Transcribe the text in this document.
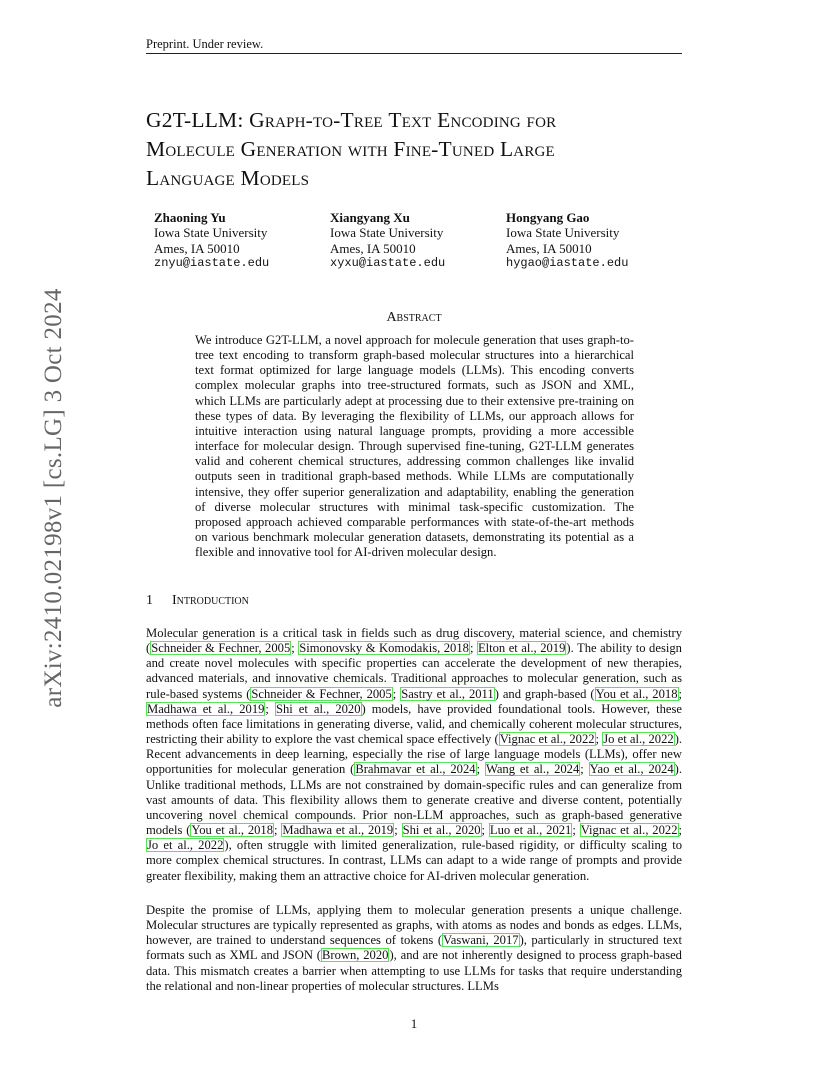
Preprint. Under review.
arXiv:2410.02198v1 [cs.LG] 3 Oct 2024
G2T-LLM: Graph-to-Tree Text Encoding for
Molecule Generation with Fine-Tuned Large
Language Models
Zhaoning Yu
Iowa State University
Ames, IA 50010
znyu@iastate.edu
Xiangyang Xu
Iowa State University
Ames, IA 50010
xyxu@iastate.edu
Hongyang Gao
Iowa State University
Ames, IA 50010
hygao@iastate.edu
Abstract
We introduce G2T-LLM, a novel approach for molecule generation that uses graph-to-tree text encoding to transform graph-based molecular structures into a hierarchical text format optimized for large language models (LLMs). This encoding converts complex molecular graphs into tree-structured formats, such as JSON and XML, which LLMs are particularly adept at processing due to their extensive pre-training on these types of data. By leveraging the flexibility of LLMs, our approach allows for intuitive interaction using natural language prompts, providing a more accessible interface for molecular design. Through supervised fine-tuning, G2T-LLM generates valid and coherent chemical structures, addressing common challenges like invalid outputs seen in traditional graph-based methods. While LLMs are computationally intensive, they offer superior generalization and adaptability, enabling the generation of diverse molecular structures with minimal task-specific customization. The proposed approach achieved comparable performances with state-of-the-art methods on various benchmark molecular generation datasets, demonstrating its potential as a flexible and innovative tool for AI-driven molecular design.
1 Introduction
Molecular generation is a critical task in fields such as drug discovery, material science, and chemistry (Schneider & Fechner, 2005; Simonovsky & Komodakis, 2018; Elton et al., 2019). The ability to design and create novel molecules with specific properties can accelerate the development of new therapies, advanced materials, and innovative chemicals. Traditional approaches to molecular generation, such as rule-based systems (Schneider & Fechner, 2005; Sastry et al., 2011) and graph-based (You et al., 2018; Madhawa et al., 2019; Shi et al., 2020) models, have provided foundational tools. However, these methods often face limitations in generating diverse, valid, and chemically coherent molecular structures, restricting their ability to explore the vast chemical space effectively (Vignac et al., 2022; Jo et al., 2022). Recent advancements in deep learning, especially the rise of large language models (LLMs), offer new opportunities for molecular generation (Brahmavar et al., 2024; Wang et al., 2024; Yao et al., 2024). Unlike traditional methods, LLMs are not constrained by domain-specific rules and can generalize from vast amounts of data. This flexibility allows them to generate creative and diverse content, potentially uncovering novel chemical compounds. Prior non-LLM approaches, such as graph-based generative models (You et al., 2018; Madhawa et al., 2019; Shi et al., 2020; Luo et al., 2021; Vignac et al., 2022; Jo et al., 2022), often struggle with limited generalization, rule-based rigidity, or difficulty scaling to more complex chemical structures. In contrast, LLMs can adapt to a wide range of prompts and provide greater flexibility, making them an attractive choice for AI-driven molecular generation.
Despite the promise of LLMs, applying them to molecular generation presents a unique challenge. Molecular structures are typically represented as graphs, with atoms as nodes and bonds as edges. LLMs, however, are trained to understand sequences of tokens (Vaswani, 2017), particularly in structured text formats such as XML and JSON (Brown, 2020), and are not inherently designed to process graph-based data. This mismatch creates a barrier when attempting to use LLMs for tasks that require understanding the relational and non-linear properties of molecular structures. LLMs
1
